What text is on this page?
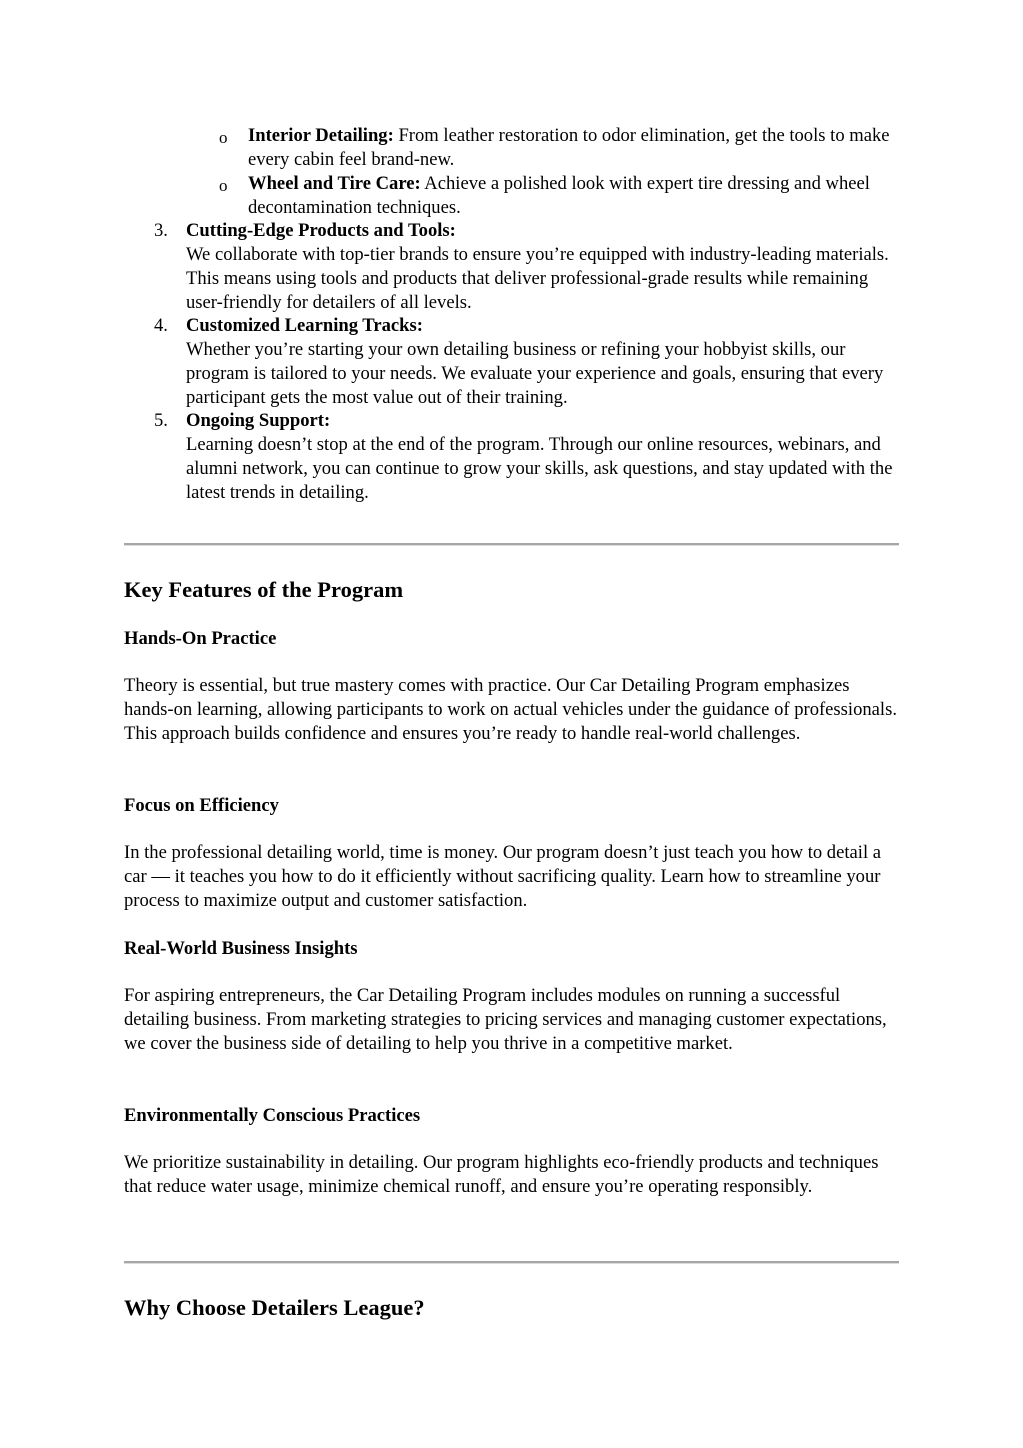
o Interior Detailing: From leather restoration to odor elimination, get the tools to make every cabin feel brand-new.
o Wheel and Tire Care: Achieve a polished look with expert tire dressing and wheel decontamination techniques.
3. Cutting-Edge Products and Tools:
We collaborate with top-tier brands to ensure you’re equipped with industry-leading materials. This means using tools and products that deliver professional-grade results while remaining user-friendly for detailers of all levels.
4. Customized Learning Tracks:
Whether you’re starting your own detailing business or refining your hobbyist skills, our program is tailored to your needs. We evaluate your experience and goals, ensuring that every participant gets the most value out of their training.
5. Ongoing Support:
Learning doesn’t stop at the end of the program. Through our online resources, webinars, and alumni network, you can continue to grow your skills, ask questions, and stay updated with the latest trends in detailing.
Key Features of the Program
Hands-On Practice

Theory is essential, but true mastery comes with practice. Our Car Detailing Program emphasizes hands-on learning, allowing participants to work on actual vehicles under the guidance of professionals. This approach builds confidence and ensures you’re ready to handle real-world challenges.

Focus on Efficiency

In the professional detailing world, time is money. Our program doesn’t just teach you how to detail a car — it teaches you how to do it efficiently without sacrificing quality. Learn how to streamline your process to maximize output and customer satisfaction.

Real-World Business Insights

For aspiring entrepreneurs, the Car Detailing Program includes modules on running a successful detailing business. From marketing strategies to pricing services and managing customer expectations, we cover the business side of detailing to help you thrive in a competitive market.

Environmentally Conscious Practices

We prioritize sustainability in detailing. Our program highlights eco-friendly products and techniques that reduce water usage, minimize chemical runoff, and ensure you’re operating responsibly.

Why Choose Detailers League?
